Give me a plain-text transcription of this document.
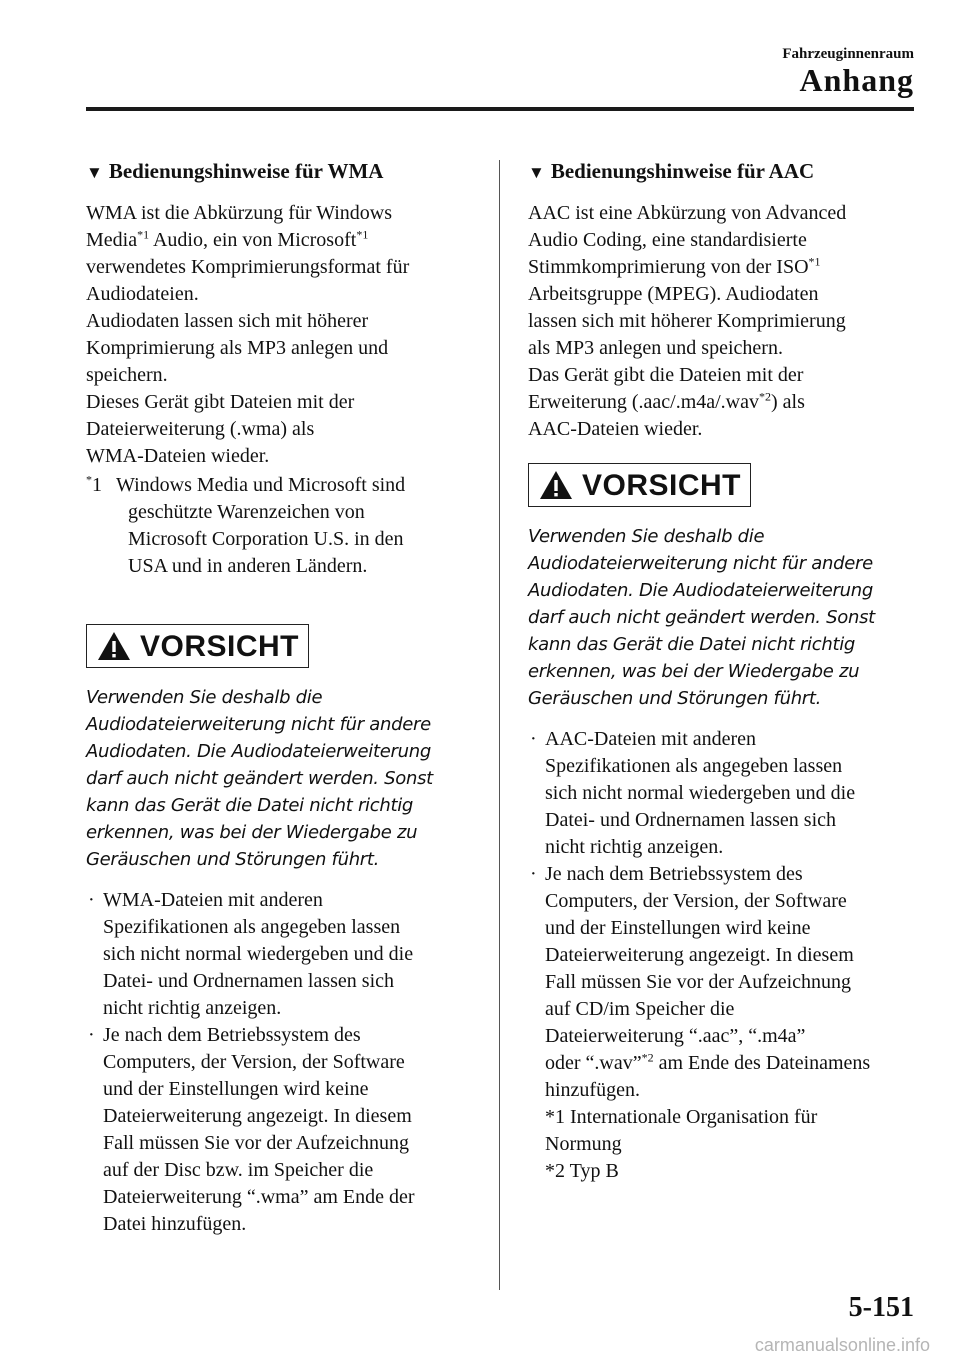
Fahrzeuginnenraum
Anhang
▼ Bedienungshinweise für WMA

WMA ist die Abkürzung für Windows

Media$^{*1}$ Audio, ein von Microsoft$^{*1}$

verwendetes Komprimierungsformat für

Audiodateien.

Audiodaten lassen sich mit höherer

Komprimierung als MP3 anlegen und

speichern.

Dieses Gerät gibt Dateien mit der

Dateierweiterung (.wma) als

WMA-Dateien wieder.

*1 Windows Media und Microsoft sind

geschützte Warenzeichen von

Microsoft Corporation U.S. in den

USA und in anderen Ländern.

VORSICHT
Verwenden Sie deshalb die
Audiodateierweiterung nicht für andere
Audiodaten. Die Audiodateierweiterung
darf auch nicht geändert werden. Sonst
kann das Gerät die Datei nicht richtig
erkennen, was bei der Wiedergabe zu
Geräuschen und Störungen führt.
· WMA-Dateien mit anderen
Spezifikationen als angegeben lassen
sich nicht normal wiedergeben und die
Datei- und Ordnernamen lassen sich
nicht richtig anzeigen.
· Je nach dem Betriebssystem des
Computers, der Version, der Software
und der Einstellungen wird keine
Dateierweiterung angezeigt. In diesem
Fall müssen Sie vor der Aufzeichnung
auf der Disc bzw. im Speicher die
Dateierweiterung “.wma” am Ende der
Datei hinzufügen.
▼ Bedienungshinweise für AAC

AAC ist eine Abkürzung von Advanced

Audio Coding, eine standardisierte

Stimmkomprimierung von der ISO$^{*1}$

Arbeitsgruppe (MPEG). Audiodaten

lassen sich mit höherer Komprimierung

als MP3 anlegen und speichern.

Das Gerät gibt die Dateien mit der

Erweiterung (.aac/.m4a/.wav$^{*2}$) als

AAC-Dateien wieder.

VORSICHT
Verwenden Sie deshalb die
Audiodateierweiterung nicht für andere
Audiodaten. Die Audiodateierweiterung
darf auch nicht geändert werden. Sonst
kann das Gerät die Datei nicht richtig
erkennen, was bei der Wiedergabe zu
Geräuschen und Störungen führt.
· AAC-Dateien mit anderen
Spezifikationen als angegeben lassen
sich nicht normal wiedergeben und die
Datei- und Ordnernamen lassen sich
nicht richtig anzeigen.
· Je nach dem Betriebssystem des
Computers, der Version, der Software
und der Einstellungen wird keine
Dateierweiterung angezeigt. In diesem
Fall müssen Sie vor der Aufzeichnung
auf CD/im Speicher die
Dateierweiterung “.aac”, “.m4a”
oder “.wav”$^{*2}$ am Ende des Dateinamens
hinzufügen.

*1 Internationale Organisation für

Normung

*2 Typ B

5-151
carmanualsonline.info
